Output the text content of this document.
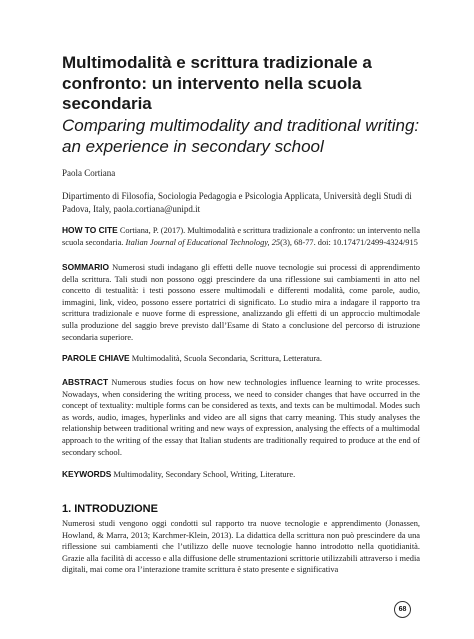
Multimodalità e scrittura tradizionale a confronto: un intervento nella scuola secondaria
Comparing multimodality and traditional writing: an experience in secondary school
Paola Cortiana
Dipartimento di Filosofia, Sociologia Pedagogia e Psicologia Applicata, Università degli Studi di Padova, Italy, paola.cortiana@unipd.it
HOW TO CITE Cortiana, P. (2017). Multimodalità e scrittura tradizionale a confronto: un intervento nella scuola secondaria. Italian Journal of Educational Technology, 25(3), 68-77. doi: 10.17471/2499-4324/915
SOMMARIO Numerosi studi indagano gli effetti delle nuove tecnologie sui processi di apprendimento della scrittura. Tali studi non possono oggi prescindere da una riflessione sui cambiamenti in atto nel concetto di testualità: i testi possono essere multimodali e differenti modalità, come parole, audio, immagini, link, video, possono essere portatrici di significato. Lo studio mira a indagare il rapporto tra scrittura tradizionale e nuove forme di espressione, analizzando gli effetti di un approccio multimodale sulla produzione del saggio breve previsto dall’Esame di Stato a conclusione del percorso di istruzione secondaria superiore.
PAROLE CHIAVE Multimodalità, Scuola Secondaria, Scrittura, Letteratura.
ABSTRACT Numerous studies focus on how new technologies influence learning to write processes. Nowadays, when considering the writing process, we need to consider changes that have occurred in the concept of textuality: multiple forms can be considered as texts, and texts can be multimodal. Modes such as words, audio, images, hyperlinks and video are all signs that carry meaning. This study analyses the relationship between traditional writing and new ways of expression, analysing the effects of a multimodal approach to the writing of the essay that Italian students are traditionally required to produce at the end of secondary school.
KEYWORDS Multimodality, Secondary School, Writing, Literature.
1. INTRODUZIONE
Numerosi studi vengono oggi condotti sul rapporto tra nuove tecnologie e apprendimento (Jonassen, Howland, & Marra, 2013; Karchmer-Klein, 2013). La didattica della scrittura non può prescindere da una riflessione sui cambiamenti che l’utilizzo delle nuove tecnologie hanno introdotto nella quotidianità. Grazie alla facilità di accesso e alla diffusione delle strumentazioni scrittorie utilizzabili attraverso i media digitali, mai come ora l’interazione tramite scrittura è stato presente e significativa
68
